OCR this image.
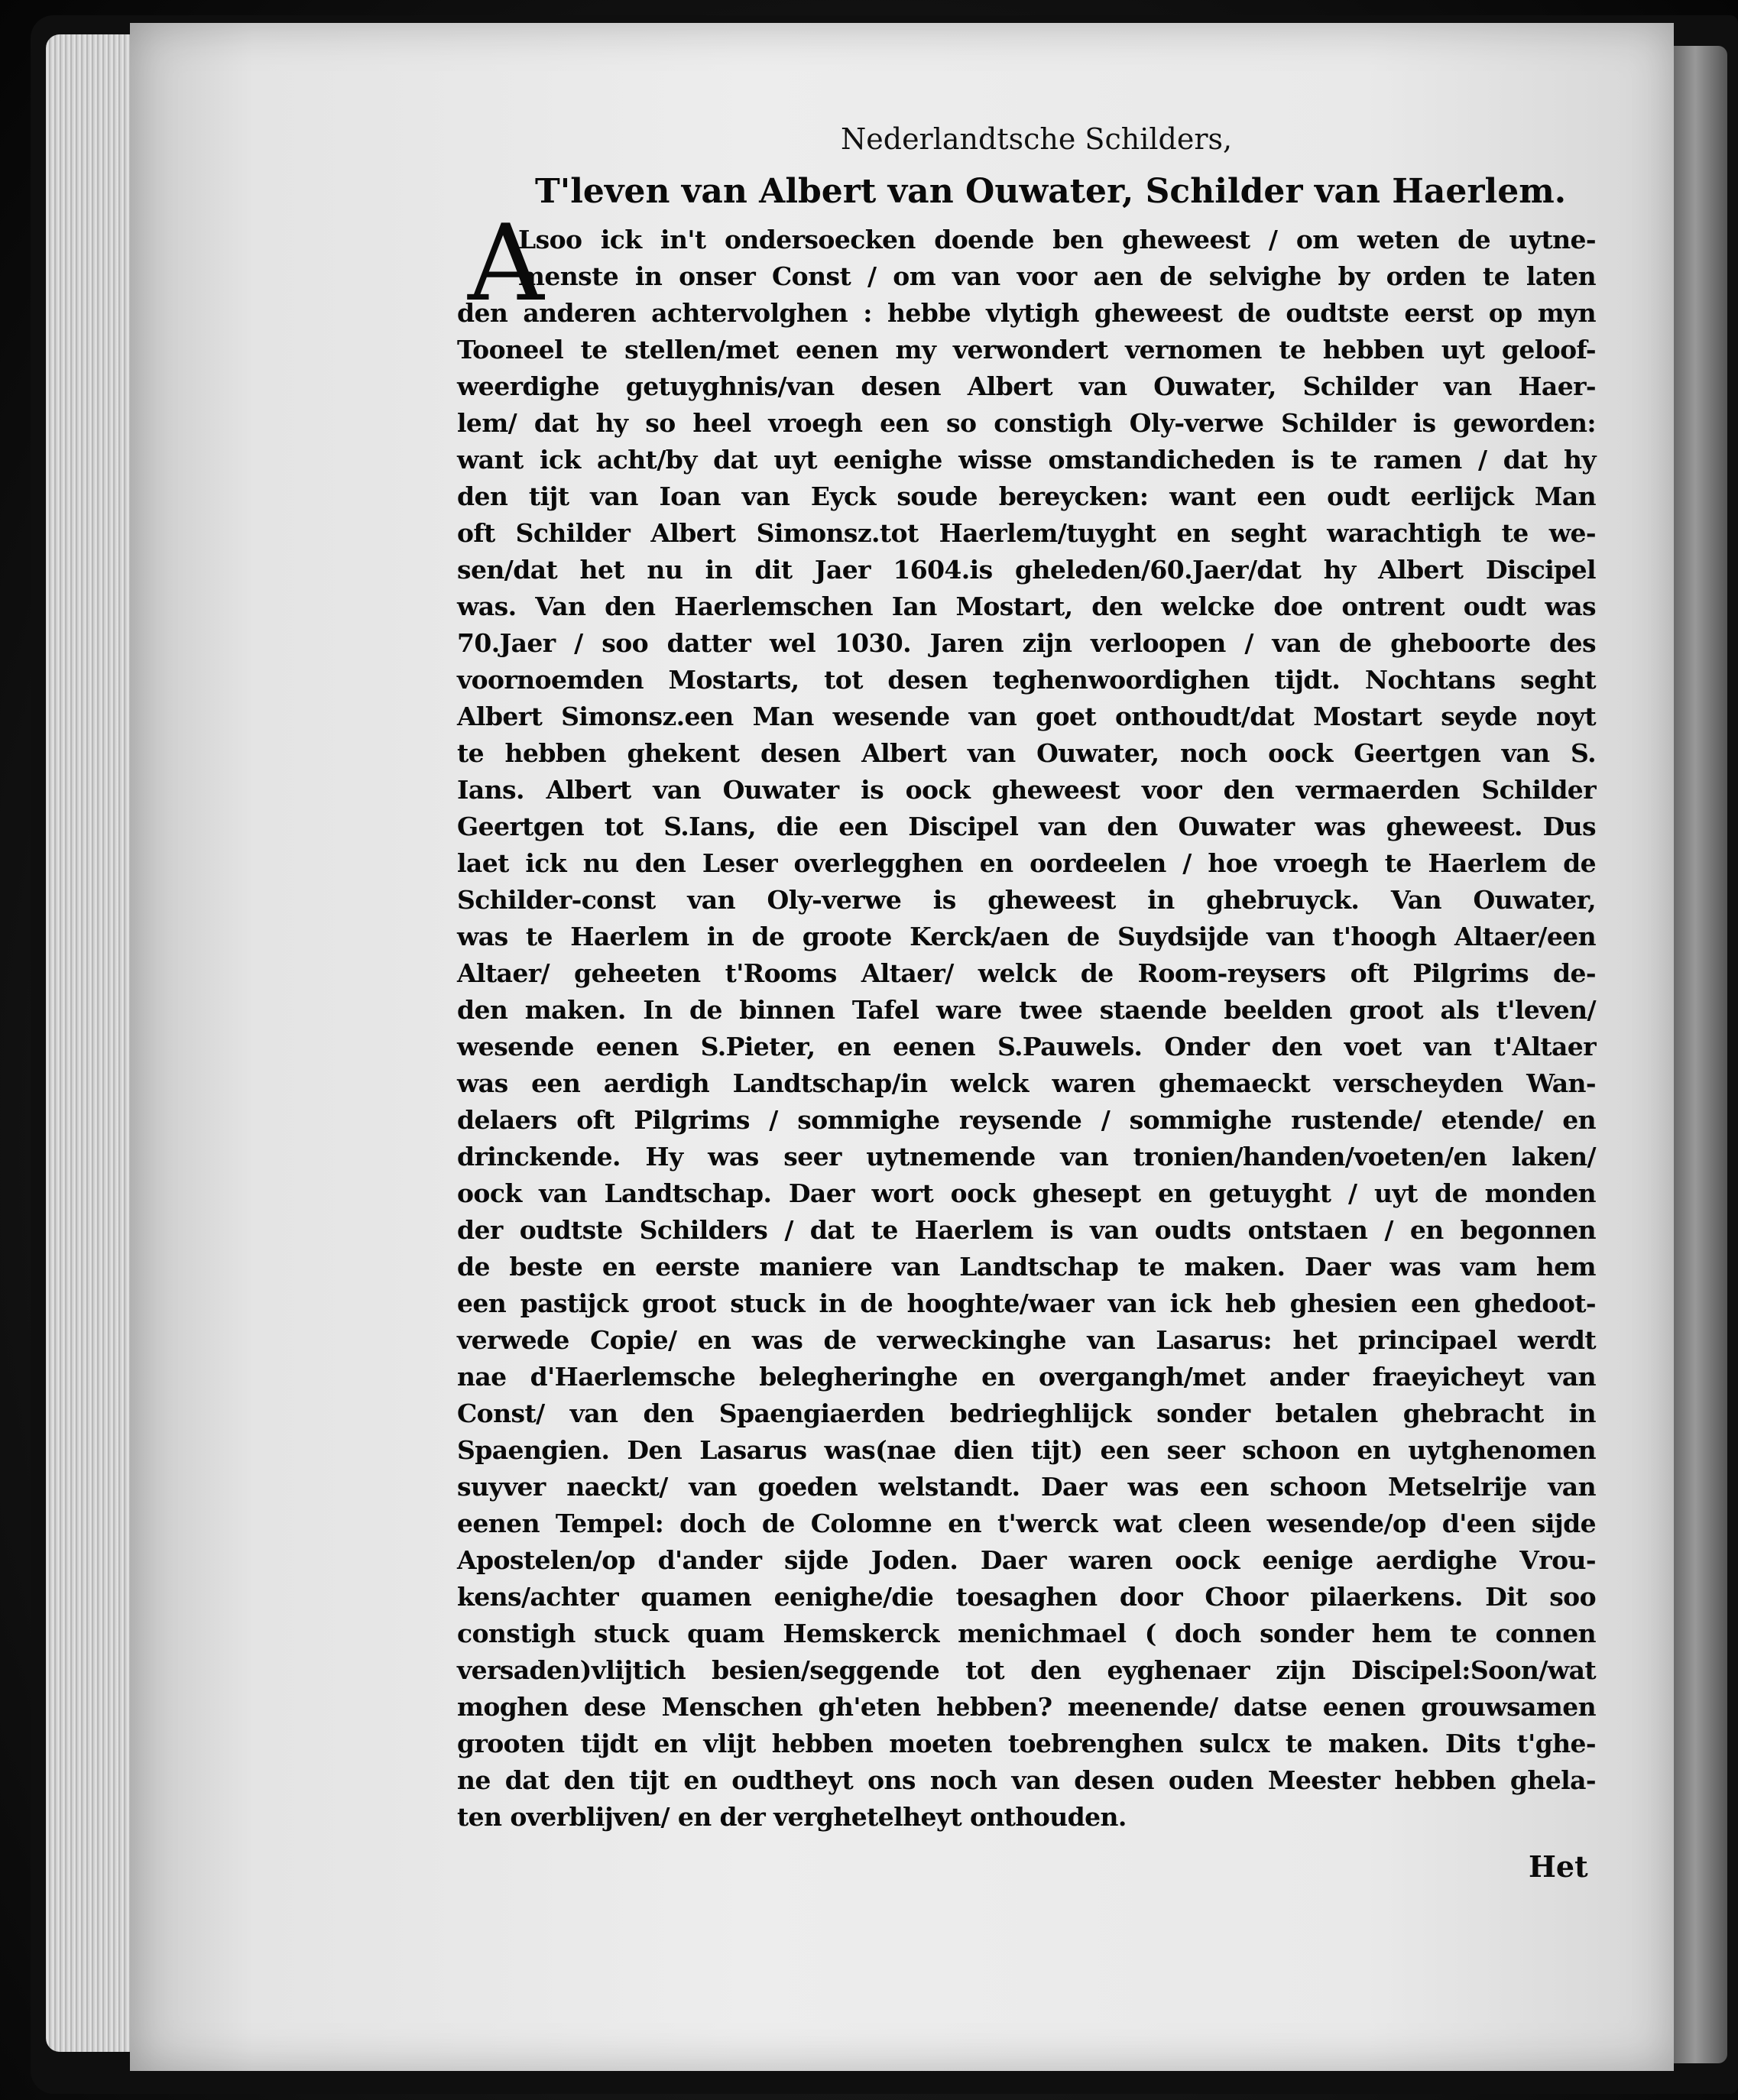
Nederlandtsche Schilders,
T'leven van Albert van Ouwater, Schilder van Haerlem.
A
Lsoo ick in't ondersoecken doende ben gheweest / om weten de uytne-
menste in onser Const / om van voor aen de selvighe by orden te laten
den anderen achtervolghen : hebbe vlytigh gheweest de oudtste eerst op myn
Tooneel te stellen/met eenen my verwondert vernomen te hebben uyt geloof-
weerdighe getuyghnis/van desen Albert van Ouwater, Schilder van Haer-
lem/ dat hy so heel vroegh een so constigh Oly-verwe Schilder is geworden:
want ick acht/by dat uyt eenighe wisse omstandicheden is te ramen / dat hy
den tijt van Ioan van Eyck soude bereycken: want een oudt eerlijck Man
oft Schilder Albert Simonsz.tot Haerlem/tuyght en seght warachtigh te we-
sen/dat het nu in dit Jaer 1604.is gheleden/60.Jaer/dat hy Albert Discipel
was. Van den Haerlemschen Ian Mostart, den welcke doe ontrent oudt was
70.Jaer / soo datter wel 1030. Jaren zijn verloopen / van de gheboorte des
voornoemden Mostarts, tot desen teghenwoordighen tijdt. Nochtans seght
Albert Simonsz.een Man wesende van goet onthoudt/dat Mostart seyde noyt
te hebben ghekent desen Albert van Ouwater, noch oock Geertgen van S.
Ians. Albert van Ouwater is oock gheweest voor den vermaerden Schilder
Geertgen tot S.Ians, die een Discipel van den Ouwater was gheweest. Dus
laet ick nu den Leser overlegghen en oordeelen / hoe vroegh te Haerlem de
Schilder-const van Oly-verwe is gheweest in ghebruyck. Van Ouwater,
was te Haerlem in de groote Kerck/aen de Suydsijde van t'hoogh Altaer/een
Altaer/ geheeten t'Rooms Altaer/ welck de Room-reysers oft Pilgrims de-
den maken. In de binnen Tafel ware twee staende beelden groot als t'leven/
wesende eenen S.Pieter, en eenen S.Pauwels. Onder den voet van t'Altaer
was een aerdigh Landtschap/in welck waren ghemaeckt verscheyden Wan-
delaers oft Pilgrims / sommighe reysende / sommighe rustende/ etende/ en
drinckende. Hy was seer uytnemende van tronien/handen/voeten/en laken/
oock van Landtschap. Daer wort oock ghesept en getuyght / uyt de monden
der oudtste Schilders / dat te Haerlem is van oudts ontstaen / en begonnen
de beste en eerste maniere van Landtschap te maken. Daer was vam hem
een pastijck groot stuck in de hooghte/waer van ick heb ghesien een ghedoot-
verwede Copie/ en was de verweckinghe van Lasarus: het principael werdt
nae d'Haerlemsche belegheringhe en overgangh/met ander fraeyicheyt van
Const/ van den Spaengiaerden bedrieghlijck sonder betalen ghebracht in
Spaengien. Den Lasarus was(nae dien tijt) een seer schoon en uytghenomen
suyver naeckt/ van goeden welstandt. Daer was een schoon Metselrije van
eenen Tempel: doch de Colomne en t'werck wat cleen wesende/op d'een sijde
Apostelen/op d'ander sijde Joden. Daer waren oock eenige aerdighe Vrou-
kens/achter quamen eenighe/die toesaghen door Choor pilaerkens. Dit soo
constigh stuck quam Hemskerck menichmael ( doch sonder hem te connen
versaden)vlijtich besien/seggende tot den eyghenaer zijn Discipel:Soon/wat
moghen dese Menschen gh'eten hebben? meenende/ datse eenen grouwsamen
grooten tijdt en vlijt hebben moeten toebrenghen sulcx te maken. Dits t'ghe-
ne dat den tijt en oudtheyt ons noch van desen ouden Meester hebben ghela-
ten overblijven/ en der verghetelheyt onthouden.
Het
